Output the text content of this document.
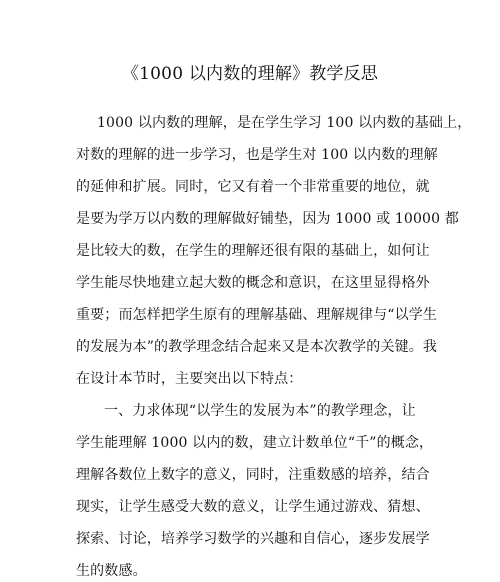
《1000 以内数的理解》教学反思
1000 以内数的理解，是在学生学习 100 以内数的基础上，
对数的理解的进一步学习，也是学生对 100 以内数的理解
的延伸和扩展。同时，它又有着一个非常重要的地位，就
是要为学万以内数的理解做好铺垫，因为 1000 或 10000 都
是比较大的数，在学生的理解还很有限的基础上，如何让
学生能尽快地建立起大数的概念和意识，在这里显得格外
重要；而怎样把学生原有的理解基础、理解规律与“以学生
的发展为本”的教学理念结合起来又是本次教学的关键。我
在设计本节时，主要突出以下特点：
一、力求体现“以学生的发展为本”的教学理念，让
学生能理解 1000 以内的数，建立计数单位“千”的概念，
理解各数位上数字的意义，同时，注重数感的培养，结合
现实，让学生感受大数的意义，让学生通过游戏、猜想、
探索、讨论，培养学习数学的兴趣和自信心，逐步发展学
生的数感。
